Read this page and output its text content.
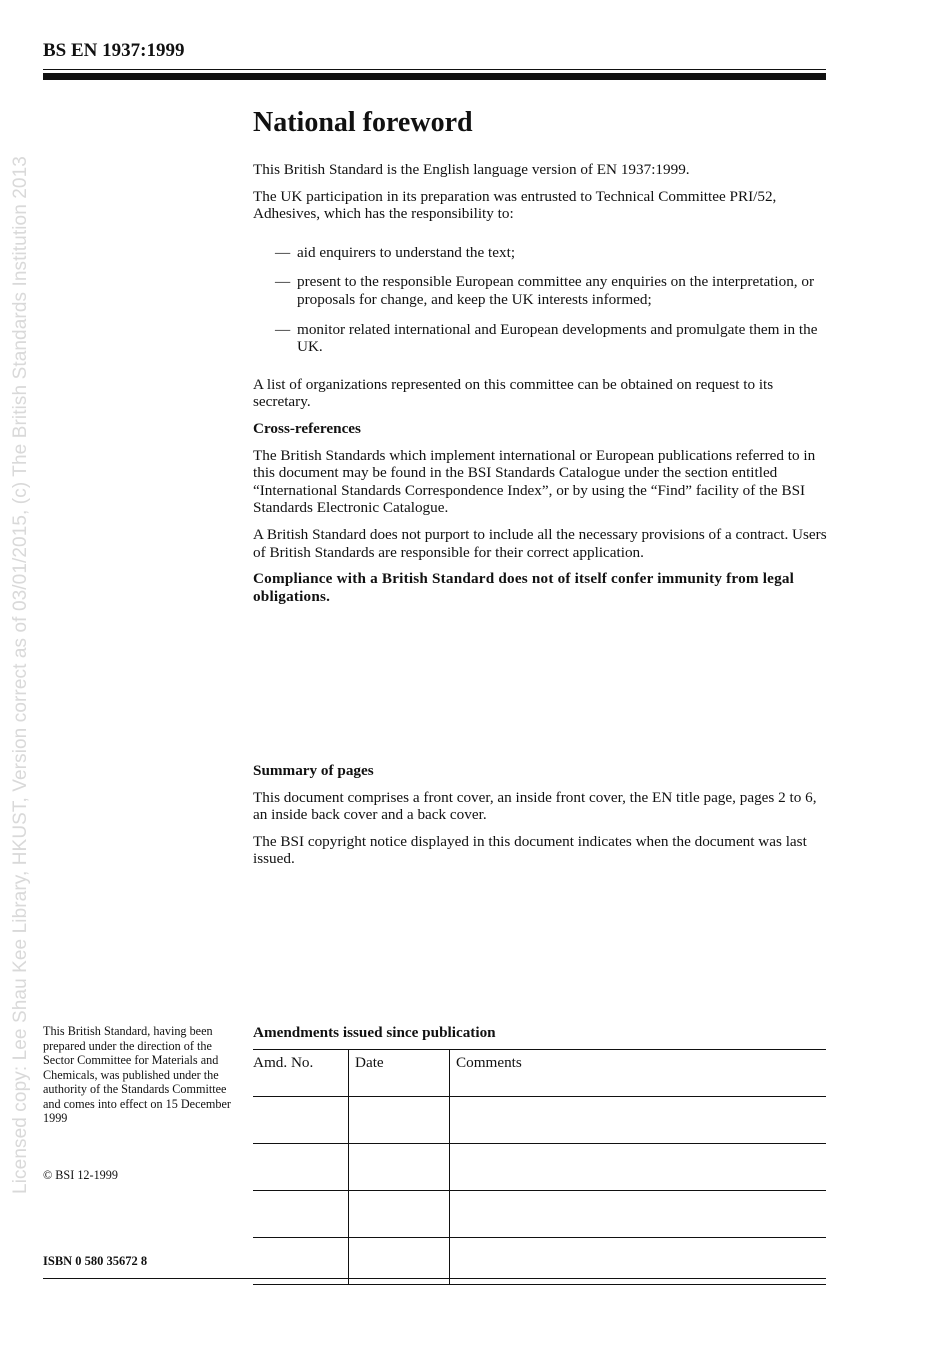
BS EN 1937:1999
Licensed copy: Lee Shau Kee Library, HKUST, Version correct as of 03/01/2015, (c) The British Standards Institution 2013
National foreword

This British Standard is the English language version of EN 1937:1999.

The UK participation in its preparation was entrusted to Technical Committee PRI/52, Adhesives, which has the responsibility to:

— aid enquirers to understand the text;
— present to the responsible European committee any enquiries on the interpretation, or proposals for change, and keep the UK interests informed;
— monitor related international and European developments and promulgate them in the UK.

A list of organizations represented on this committee can be obtained on request to its secretary.

Cross-references

The British Standards which implement international or European publications referred to in this document may be found in the BSI Standards Catalogue under the section entitled “International Standards Correspondence Index”, or by using the “Find” facility of the BSI Standards Electronic Catalogue.

A British Standard does not purport to include all the necessary provisions of a contract. Users of British Standards are responsible for their correct application.

Compliance with a British Standard does not of itself confer immunity from legal obligations.

Summary of pages

This document comprises a front cover, an inside front cover, the EN title page, pages 2 to 6, an inside back cover and a back cover.

The BSI copyright notice displayed in this document indicates when the document was last issued.

This British Standard, having been prepared under the direction of the Sector Committee for Materials and Chemicals, was published under the authority of the Standards Committee and comes into effect on 15 December 1999
© BSI 12-1999
ISBN 0 580 35672 8
Amendments issued since publication
Amd. No.	Date	Comments
